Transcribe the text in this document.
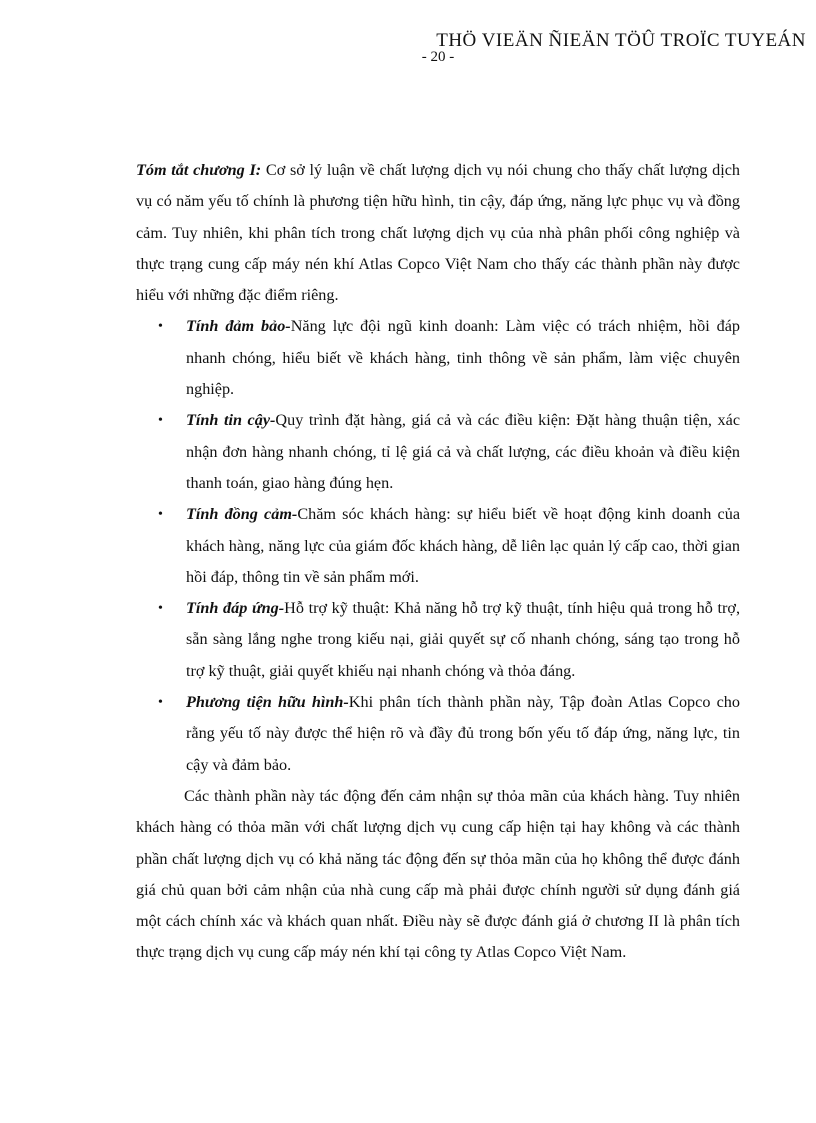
THÖ VIEÄN ÑIEÄN TÖÛ TROÏC TUYEÁN
- 20 -

Tóm tắt chương I: Cơ sở lý luận về chất lượng dịch vụ nói chung cho thấy chất lượng dịch vụ có năm yếu tố chính là phương tiện hữu hình, tin cậy, đáp ứng, năng lực phục vụ và đồng cảm. Tuy nhiên, khi phân tích trong chất lượng dịch vụ của nhà phân phối công nghiệp và thực trạng cung cấp máy nén khí Atlas Copco Việt Nam cho thấy các thành phần này được hiểu với những đặc điểm riêng.

• Tính đảm bảo-Năng lực đội ngũ kinh doanh: Làm việc có trách nhiệm, hồi đáp nhanh chóng, hiểu biết về khách hàng, tinh thông về sản phẩm, làm việc chuyên nghiệp.
• Tính tin cậy-Quy trình đặt hàng, giá cả và các điều kiện: Đặt hàng thuận tiện, xác nhận đơn hàng nhanh chóng, tỉ lệ giá cả và chất lượng, các điều khoản và điều kiện thanh toán, giao hàng đúng hẹn.
• Tính đồng cảm-Chăm sóc khách hàng: sự hiểu biết về hoạt động kinh doanh của khách hàng, năng lực của giám đốc khách hàng, dễ liên lạc quản lý cấp cao, thời gian hồi đáp, thông tin về sản phẩm mới.
• Tính đáp ứng-Hỗ trợ kỹ thuật: Khả năng hỗ trợ kỹ thuật, tính hiệu quả trong hỗ trợ, sẵn sàng lắng nghe trong kiếu nại, giải quyết sự cố nhanh chóng, sáng tạo trong hỗ trợ kỹ thuật, giải quyết khiếu nại nhanh chóng và thỏa đáng.
• Phương tiện hữu hình-Khi phân tích thành phần này, Tập đoàn Atlas Copco cho rằng yếu tố này được thể hiện rõ và đầy đủ trong bốn yếu tố đáp ứng, năng lực, tin cậy và đảm bảo.

Các thành phần này tác động đến cảm nhận sự thỏa mãn của khách hàng. Tuy nhiên khách hàng có thỏa mãn với chất lượng dịch vụ cung cấp hiện tại hay không và các thành phần chất lượng dịch vụ có khả năng tác động đến sự thỏa mãn của họ không thể được đánh giá chủ quan bởi cảm nhận của nhà cung cấp mà phải được chính người sử dụng đánh giá một cách chính xác và khách quan nhất. Điều này sẽ được đánh giá ở chương II là phân tích thực trạng dịch vụ cung cấp máy nén khí tại công ty Atlas Copco Việt Nam.
